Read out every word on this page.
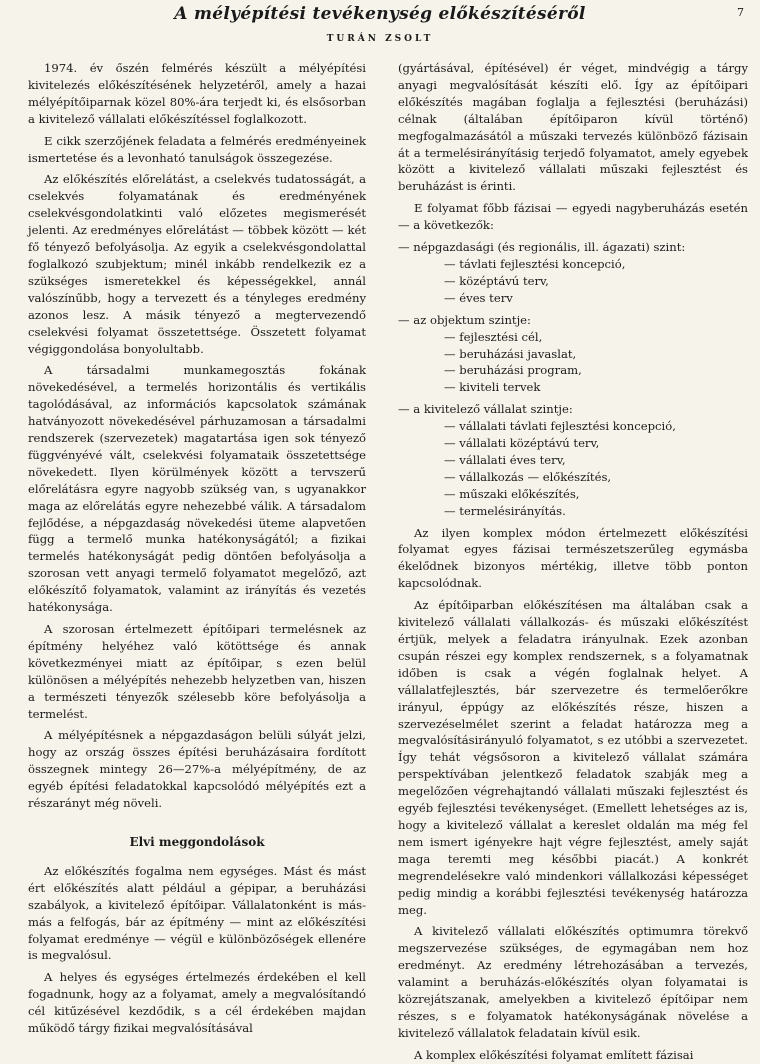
A mélyépítési tevékenység előkészítéséről	7
TURÁN ZSOLT

1974. év őszén felmérés készült a mélyépítési kivitelezés előkészítésének helyzetéről, amely a hazai mélyépítőiparnak közel 80%-ára terjedt ki, és elsősorban a kivitelező vállalati előkészítéssel foglalkozott.

E cikk szerzőjének feladata a felmérés eredményeinek ismertetése és a levonható tanulságok összegezése.

Az előkészítés előrelátást, a cselekvés tudatosságát, a cselekvés folyamatának és eredményének cselekvésgondolatkinti való előzetes megismerését jelenti. Az eredményes előrelátást — többek között — két fő tényező befolyásolja. Az egyik a cselekvésgondolattal foglalkozó szubjektum; minél inkább rendelkezik ez a szükséges ismeretekkel és képességekkel, annál valószínűbb, hogy a tervezett és a tényleges eredmény azonos lesz. A másik tényező a megtervezendő cselekvési folyamat összetettsége. Összetett folyamat végiggondolása bonyolultabb.

A társadalmi munkamegosztás fokának növekedésével, a termelés horizontális és vertikális tagolódásával, az információs kapcsolatok számának hatványozott növekedésével párhuzamosan a társadalmi rendszerek (szervezetek) magatartása igen sok tényező függvényévé vált, cselekvési folyamataik összetettsége növekedett. Ilyen körülmények között a tervszerű előrelátásra egyre nagyobb szükség van, s ugyanakkor maga az előrelátás egyre nehezebbé válik. A társadalom fejlődése, a népgazdaság növekedési üteme alapvetően függ a termelő munka hatékonyságától; a fizikai termelés hatékonyságát pedig döntően befolyásolja a szorosan vett anyagi termelő folyamatot megelőző, azt előkészítő folyamatok, valamint az irányítás és vezetés hatékonysága.

A szorosan értelmezett építőipari termelésnek az építmény helyéhez való kötöttsége és annak következményei miatt az építőipar, s ezen belül különösen a mélyépítés nehezebb helyzetben van, hiszen a természeti tényezők szélesebb köre befolyásolja a termelést.

A mélyépítésnek a népgazdaságon belüli súlyát jelzi, hogy az ország összes építési beruházásaira fordított összegnek mintegy 26—27%-a mélyépítmény, de az egyéb építési feladatokkal kapcsolódó mélyépítés ezt a részarányt még növeli.

Elvi meggondolások

Az előkészítés fogalma nem egységes. Mást és mást ért előkészítés alatt például a gépipar, a beruházási szabályok, a kivitelező építőipar. Vállalatonként is más-más a felfogás, bár az építmény — mint az előkészítési folyamat eredménye — végül e különbözőségek ellenére is megvalósul.

A helyes és egységes értelmezés érdekében el kell fogadnunk, hogy az a folyamat, amely a megvalósítandó cél kitűzésével kezdődik, s a cél érdekében majdan működő tárgy fizikai megvalósításával

(gyártásával, építésével) ér véget, mindvégig a tárgy anyagi megvalósítását készíti elő. Így az építőipari előkészítés magában foglalja a fejlesztési (beruházási) célnak (általában építőiparon kívül történő) megfogalmazásától a műszaki tervezés különböző fázisain át a termelésirányításig terjedő folyamatot, amely egyebek között a kivitelező vállalati műszaki fejlesztést és beruházást is érinti.

E folyamat főbb fázisai — egyedi nagyberuházás esetén — a következők:

— népgazdasági (és regionális, ill. ágazati) szint:
— távlati fejlesztési koncepció,
— középtávú terv,
— éves terv
— az objektum szintje:
— fejlesztési cél,
— beruházási javaslat,
— beruházási program,
— kiviteli tervek
— a kivitelező vállalat szintje:
— vállalati távlati fejlesztési koncepció,
— vállalati középtávú terv,
— vállalati éves terv,
— vállalkozás — előkészítés,
— műszaki előkészítés,
— termelésirányítás.

Az ilyen komplex módon értelmezett előkészítési folyamat egyes fázisai természetszerűleg egymásba ékelődnek bizonyos mértékig, illetve több ponton kapcsolódnak.

Az építőiparban előkészítésen ma általában csak a kivitelező vállalati vállalkozás- és műszaki előkészítést értjük, melyek a feladatra irányulnak. Ezek azonban csupán részei egy komplex rendszernek, s a folyamatnak időben is csak a végén foglalnak helyet. A vállalatfejlesztés, bár szervezetre és termelőerőkre irányul, éppúgy az előkészítés része, hiszen a szervezéselmélet szerint a feladat határozza meg a megvalósításirányuló folyamatot, s ez utóbbi a szervezetet. Így tehát végsősoron a kivitelező vállalat számára perspektívában jelentkező feladatok szabják meg a megelőzően végrehajtandó vállalati műszaki fejlesztést és egyéb fejlesztési tevékenységet. (Emellett lehetséges az is, hogy a kivitelező vállalat a kereslet oldalán ma még fel nem ismert igényekre hajt végre fejlesztést, amely saját maga teremti meg későbbi piacát.) A konkrét megrendelésekre való mindenkori vállalkozási képességet pedig mindig a korábbi fejlesztési tevékenység határozza meg.

A kivitelező vállalati előkészítés optimumra törekvő megszervezése szükséges, de egymagában nem hoz eredményt. Az eredmény létrehozásában a tervezés, valamint a beruházás-előkészítés olyan folyamatai is közrejátszanak, amelyekben a kivitelező építőipar nem részes, s e folyamatok hatékonyságának növelése a kivitelező vállalatok feladatain kívül esik.

A komplex előkészítési folyamat említett fázisai
